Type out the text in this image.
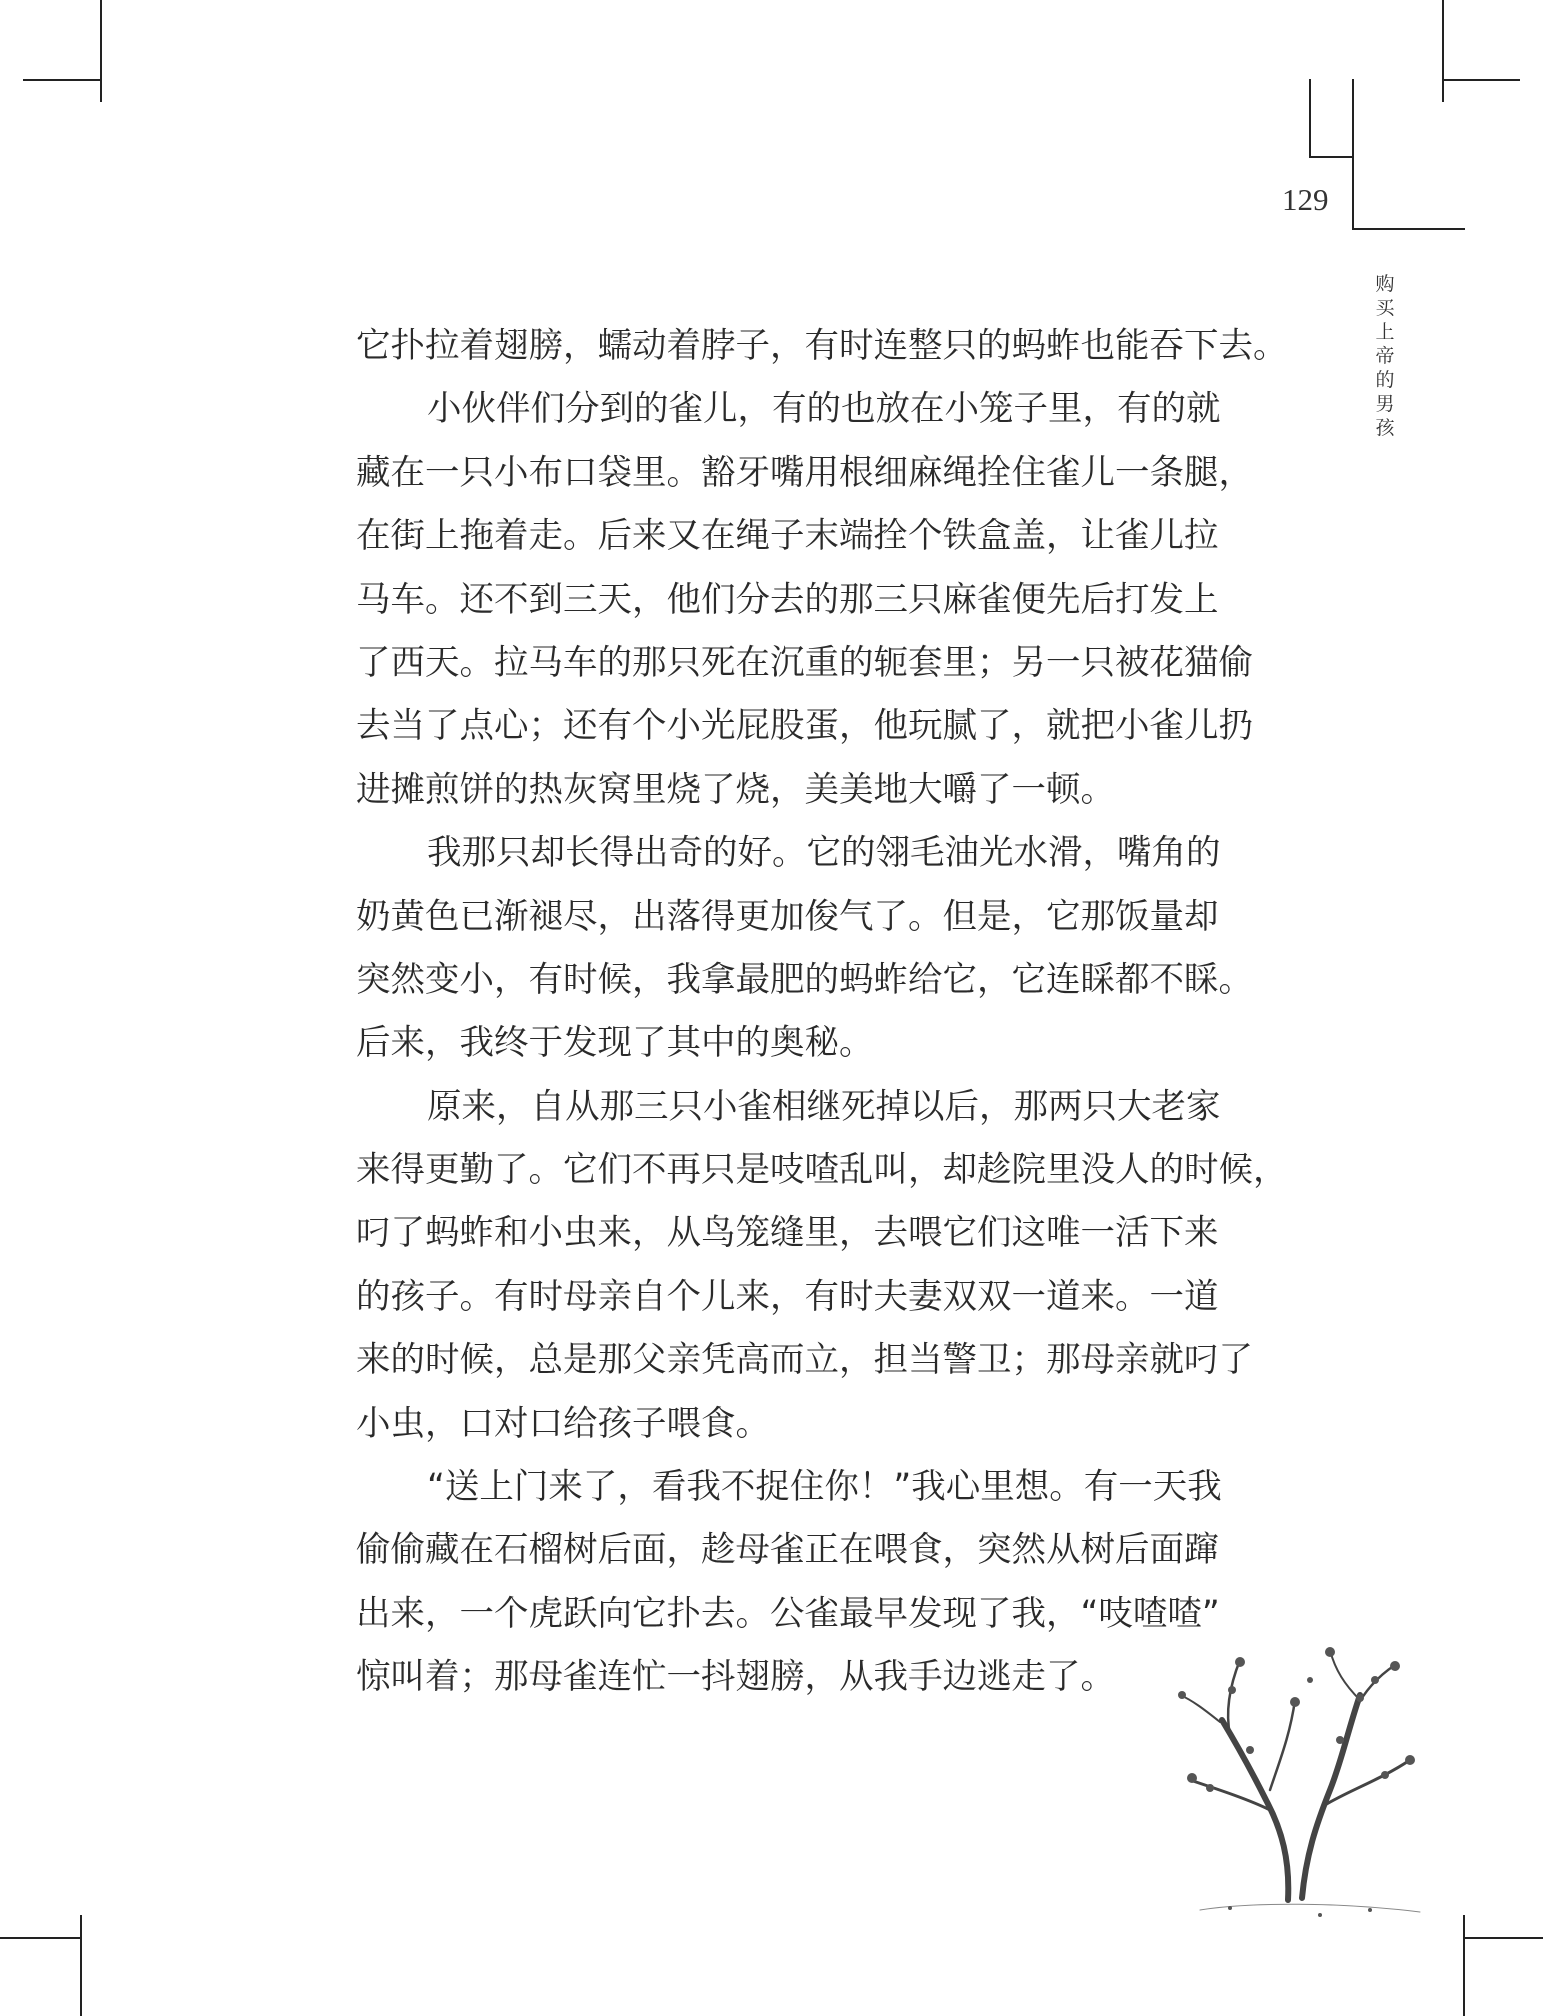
129
购
买
上
帝
的
男
孩
它扑拉着翅膀，蠕动着脖子，有时连整只的蚂蚱也能吞下去。
小伙伴们分到的雀儿，有的也放在小笼子里，有的就
藏在一只小布口袋里。豁牙嘴用根细麻绳拴住雀儿一条腿，
在街上拖着走。后来又在绳子末端拴个铁盒盖，让雀儿拉
马车。还不到三天，他们分去的那三只麻雀便先后打发上
了西天。拉马车的那只死在沉重的轭套里；另一只被花猫偷
去当了点心；还有个小光屁股蛋，他玩腻了，就把小雀儿扔
进摊煎饼的热灰窝里烧了烧，美美地大嚼了一顿。
我那只却长得出奇的好。它的翎毛油光水滑，嘴角的
奶黄色已渐褪尽，出落得更加俊气了。但是，它那饭量却
突然变小，有时候，我拿最肥的蚂蚱给它，它连睬都不睬。
后来，我终于发现了其中的奥秘。
原来，自从那三只小雀相继死掉以后，那两只大老家
来得更勤了。它们不再只是吱喳乱叫，却趁院里没人的时候，
叼了蚂蚱和小虫来，从鸟笼缝里，去喂它们这唯一活下来
的孩子。有时母亲自个儿来，有时夫妻双双一道来。一道
来的时候，总是那父亲凭高而立，担当警卫；那母亲就叼了
小虫，口对口给孩子喂食。
“送上门来了，看我不捉住你！”我心里想。有一天我
偷偷藏在石榴树后面，趁母雀正在喂食，突然从树后面蹿
出来，一个虎跃向它扑去。公雀最早发现了我，“吱喳喳”
惊叫着；那母雀连忙一抖翅膀，从我手边逃走了。
